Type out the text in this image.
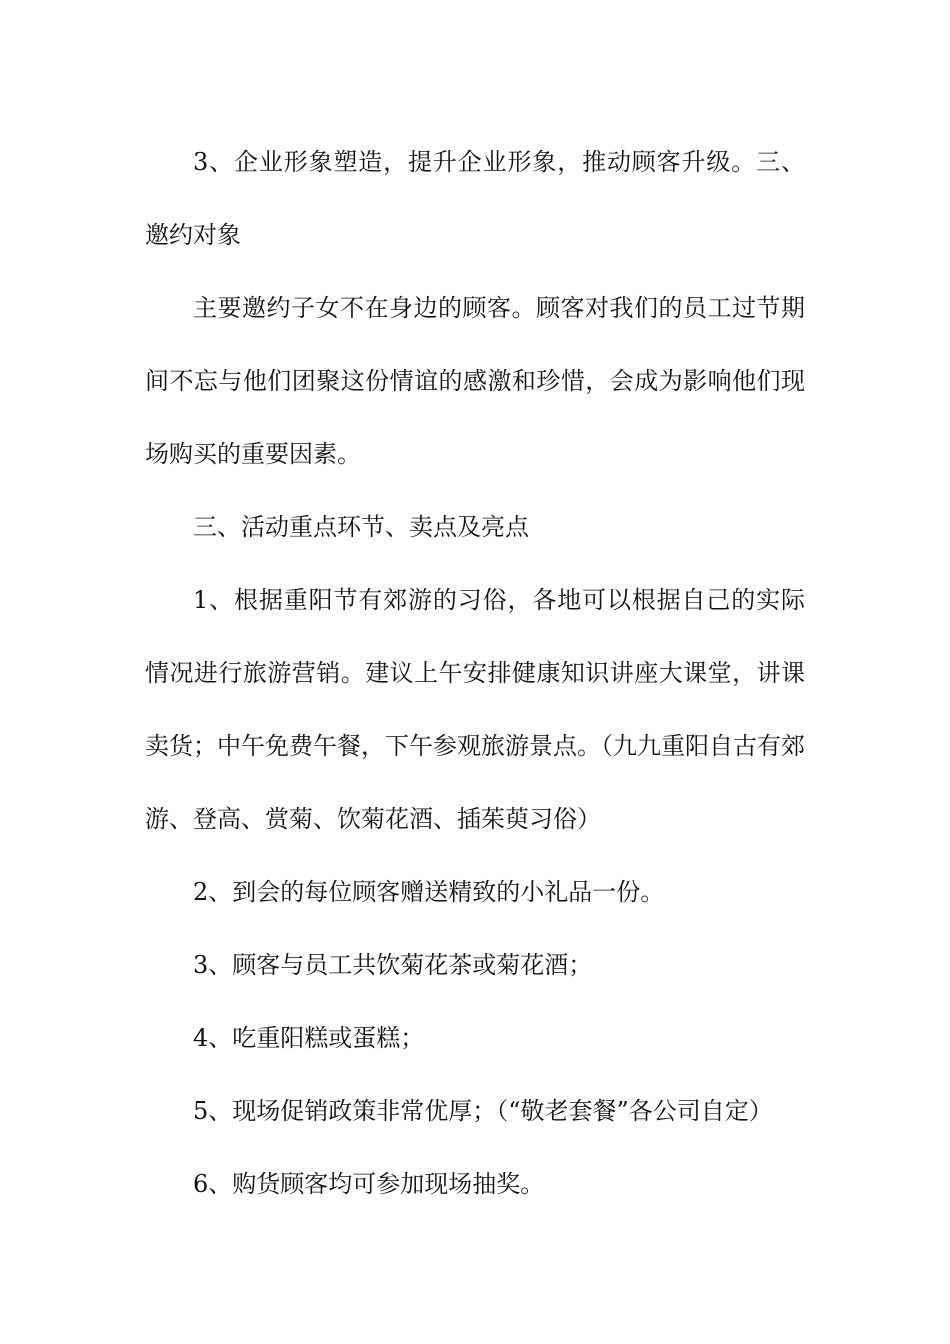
3、企业形象塑造，提升企业形象，推动顾客升级。三、邀约对象

主要邀约子女不在身边的顾客。顾客对我们的员工过节期间不忘与他们团聚这份情谊的感激和珍惜，会成为影响他们现场购买的重要因素。

三、活动重点环节、卖点及亮点

1、根据重阳节有郊游的习俗，各地可以根据自己的实际情况进行旅游营销。建议上午安排健康知识讲座大课堂，讲课卖货；中午免费午餐，下午参观旅游景点。（九九重阳自古有郊游、登高、赏菊、饮菊花酒、插茱萸习俗）

2、到会的每位顾客赠送精致的小礼品一份。

3、顾客与员工共饮菊花茶或菊花酒；

4、吃重阳糕或蛋糕；

5、现场促销政策非常优厚；（“敬老套餐”各公司自定）

6、购货顾客均可参加现场抽奖。
